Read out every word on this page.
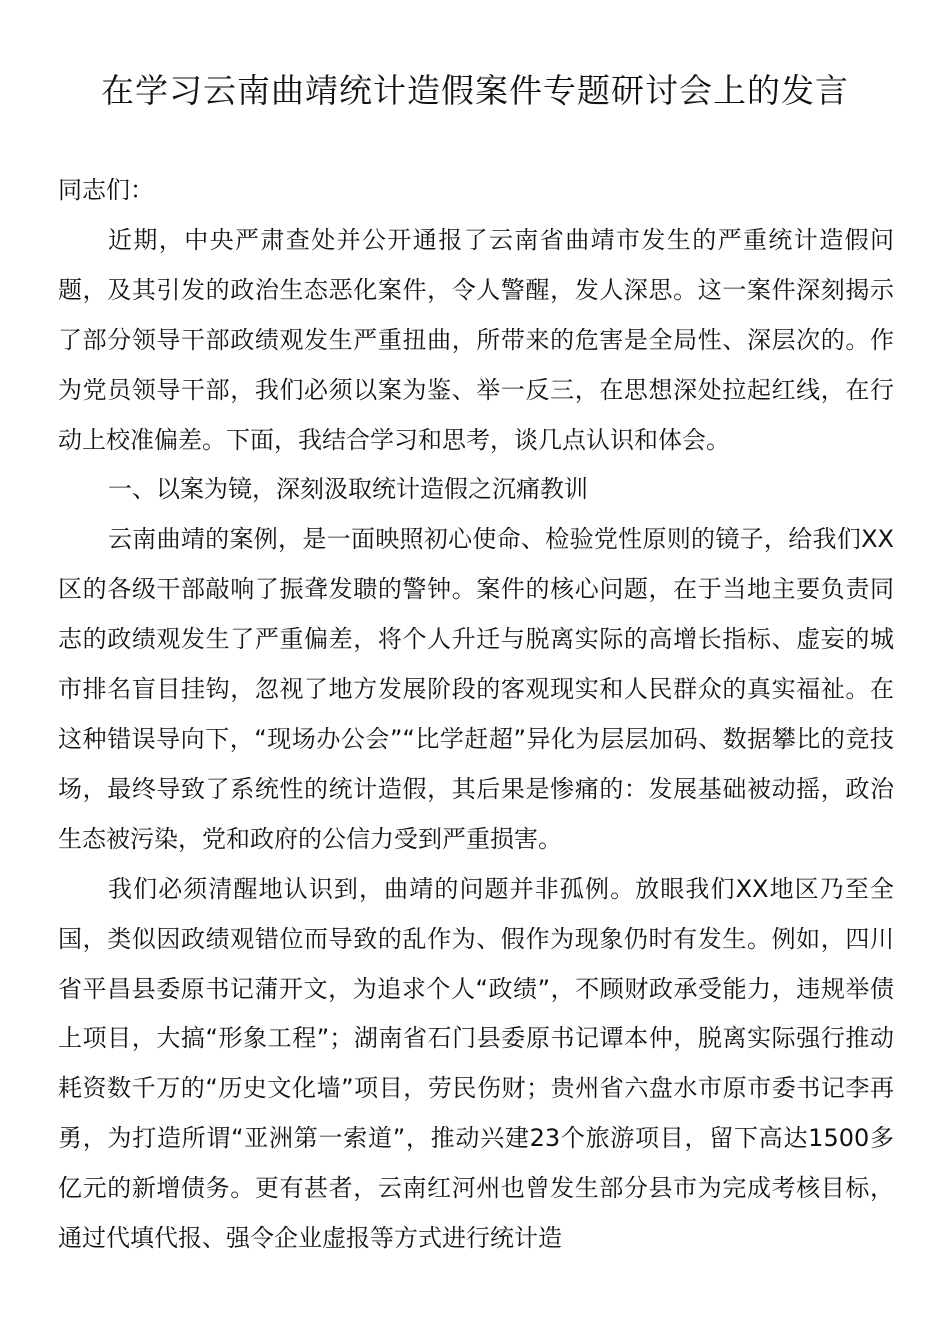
在学习云南曲靖统计造假案件专题研讨会上的发言

同志们：

近期，中央严肃查处并公开通报了云南省曲靖市发生的严重统计造假问题，及其引发的政治生态恶化案件，令人警醒，发人深思。这一案件深刻揭示了部分领导干部政绩观发生严重扭曲，所带来的危害是全局性、深层次的。作为党员领导干部，我们必须以案为鉴、举一反三，在思想深处拉起红线，在行动上校准偏差。下面，我结合学习和思考，谈几点认识和体会。

一、以案为镜，深刻汲取统计造假之沉痛教训

云南曲靖的案例，是一面映照初心使命、检验党性原则的镜子，给我们XX区的各级干部敲响了振聋发聩的警钟。案件的核心问题，在于当地主要负责同志的政绩观发生了严重偏差，将个人升迁与脱离实际的高增长指标、虚妄的城市排名盲目挂钩，忽视了地方发展阶段的客观现实和人民群众的真实福祉。在这种错误导向下，“现场办公会”“比学赶超”异化为层层加码、数据攀比的竞技场，最终导致了系统性的统计造假，其后果是惨痛的：发展基础被动摇，政治生态被污染，党和政府的公信力受到严重损害。

我们必须清醒地认识到，曲靖的问题并非孤例。放眼我们XX地区乃至全国，类似因政绩观错位而导致的乱作为、假作为现象仍时有发生。例如，四川省平昌县委原书记蒲开文，为追求个人“政绩”，不顾财政承受能力，违规举债上项目，大搞“形象工程”；湖南省石门县委原书记谭本仲，脱离实际强行推动耗资数千万的“历史文化墙”项目，劳民伤财；贵州省六盘水市原市委书记李再勇，为打造所谓“亚洲第一索道”，推动兴建23个旅游项目，留下高达1500多亿元的新增债务。更有甚者，云南红河州也曾发生部分县市为完成考核目标，通过代填代报、强令企业虚报等方式进行统计造
